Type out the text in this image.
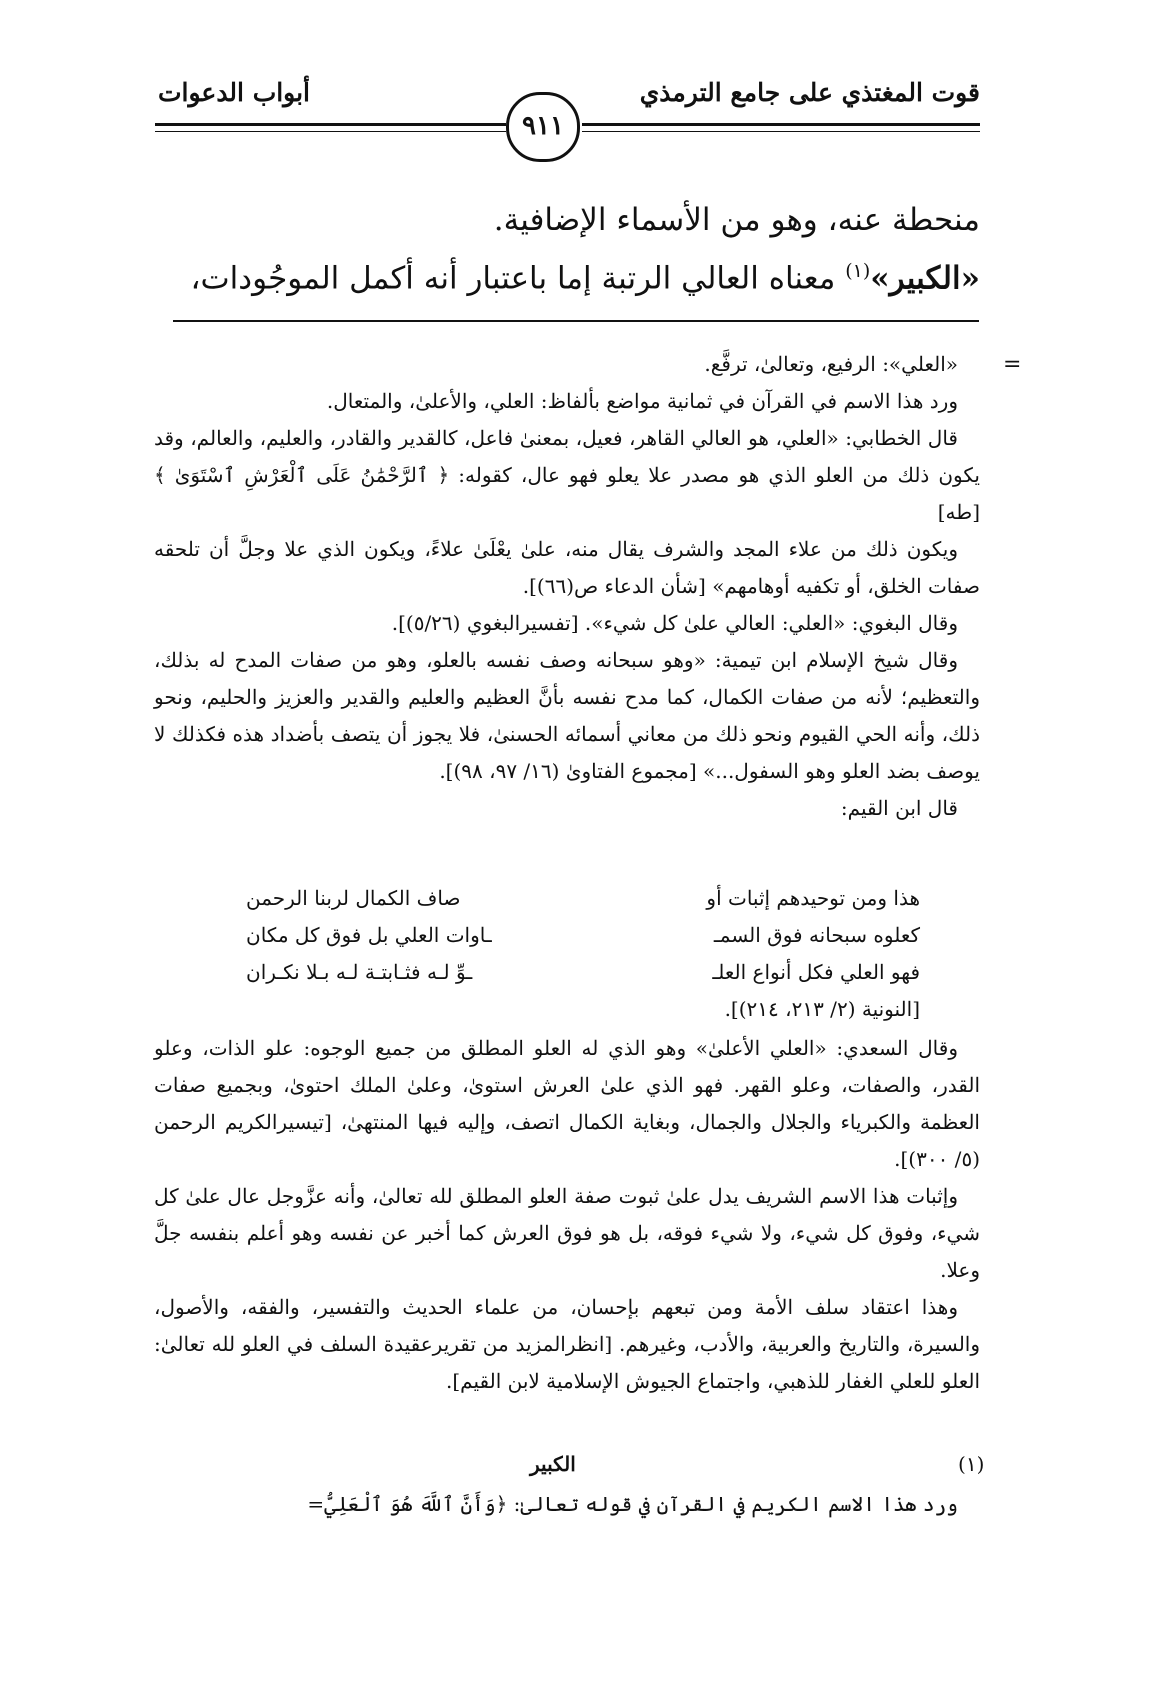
قوت المغتذي على جامع الترمذي
أبواب الدعوات
٩١١
منحطة عنه، وهو من الأسماء الإضافية.
«الكبير»$^{(١)}$ معناه العالي الرتبة إما باعتبار أنه أكمل الموجُودات،
=

«العلي»: الرفيع، وتعالىٰ، ترفَّع.

ورد هذا الاسم في القرآن في ثمانية مواضع بألفاظ: العلي، والأعلىٰ، والمتعال.

قال الخطابي: «العلي، هو العالي القاهر، فعيل، بمعنىٰ فاعل، كالقدير والقادر، والعليم، والعالم، وقد يكون ذلك من العلو الذي هو مصدر علا يعلو فهو عال، كقوله: ﴿ ٱلرَّحْمَٰنُ عَلَى ٱلْعَرْشِ ٱسْتَوَىٰ ﴾ [طه]

ويكون ذلك من علاء المجد والشرف يقال منه، علىٰ يعْلَىٰ علاءً، ويكون الذي علا وجلَّ أن تلحقه صفات الخلق، أو تكفيه أوهامهم» [شأن الدعاء ص(٦٦)].

وقال البغوي: «العلي: العالي علىٰ كل شيء». [تفسيرالبغوي (٥/٢٦)].

وقال شيخ الإسلام ابن تيمية: «وهو سبحانه وصف نفسه بالعلو، وهو من صفات المدح له بذلك، والتعظيم؛ لأنه من صفات الكمال، كما مدح نفسه بأنَّ العظيم والعليم والقدير والعزيز والحليم، ونحو ذلك، وأنه الحي القيوم ونحو ذلك من معاني أسمائه الحسنىٰ، فلا يجوز أن يتصف بأضداد هذه فكذلك لا يوصف بضد العلو وهو السفول...» [مجموع الفتاوىٰ (١٦/ ٩٧، ٩٨)].

قال ابن القيم:

هذا ومن توحيدهم إثبات أو
صاف الكمال لربنا الرحمن
كعلوه سبحانه فوق السمـ
ـاوات العلي بل فوق كل مكان
فهو العلي فكل أنواع العلـ
ـوِّ لـه فثـابتـة لـه بـلا نكـران
[النونية (٢/ ٢١٣، ٢١٤)].

وقال السعدي: «العلي الأعلىٰ» وهو الذي له العلو المطلق من جميع الوجوه: علو الذات، وعلو القدر، والصفات، وعلو القهر. فهو الذي علىٰ العرش استوىٰ، وعلىٰ الملك احتوىٰ، وبجميع صفات العظمة والكبرياء والجلال والجمال، وبغاية الكمال اتصف، وإليه فيها المنتهىٰ، [تيسيرالكريم الرحمن (٥/ ٣٠٠)].

وإثبات هذا الاسم الشريف يدل علىٰ ثبوت صفة العلو المطلق لله تعالىٰ، وأنه عزَّوجل عال علىٰ كل شيء، وفوق كل شيء، ولا شيء فوقه، بل هو فوق العرش كما أخبر عن نفسه وهو أعلم بنفسه جلَّ وعلا.

وهذا اعتقاد سلف الأمة ومن تبعهم بإحسان، من علماء الحديث والتفسير، والفقه، والأصول، والسيرة، والتاريخ والعربية، والأدب، وغيرهم. [انظرالمزيد من تقريرعقيدة السلف في العلو لله تعالىٰ: العلو للعلي الغفار للذهبي، واجتماع الجيوش الإسلامية لابن القيم].

(١)
الكبير
ورد هذا الاسم الكريم في القرآن في قوله تعالىٰ: ﴿وَأَنَّ ٱللَّهَ هُوَ ٱلْعَلِيُّ=
